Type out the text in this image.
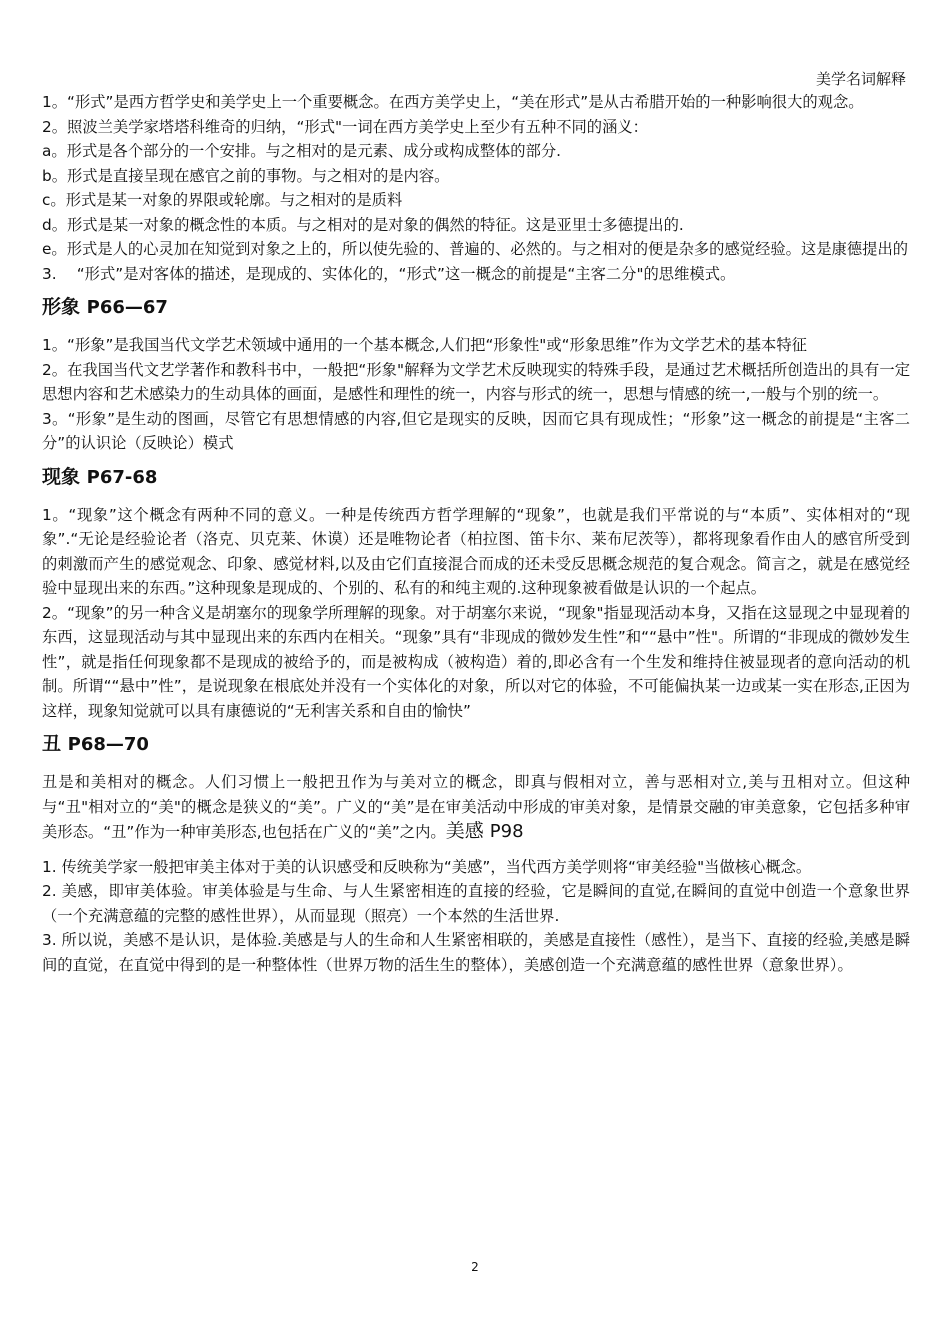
美学名词解释

1。“形式”是西方哲学史和美学史上一个重要概念。在西方美学史上，“美在形式”是从古希腊开始的一种影响很大的观念。

2。照波兰美学家塔塔科维奇的归纳，“形式"一词在西方美学史上至少有五种不同的涵义：

a。形式是各个部分的一个安排。与之相对的是元素、成分或构成整体的部分.

b。形式是直接呈现在感官之前的事物。与之相对的是内容。

c。形式是某一对象的界限或轮廓。与之相对的是质料

d。形式是某一对象的概念性的本质。与之相对的是对象的偶然的特征。这是亚里士多德提出的.

e。形式是人的心灵加在知觉到对象之上的，所以使先验的、普遍的、必然的。与之相对的便是杂多的感觉经验。这是康德提出的

3.　 “形式”是对客体的描述，是现成的、实体化的，“形式”这一概念的前提是“主客二分"的思维模式。

形象 P66—67

1。“形象”是我国当代文学艺术领域中通用的一个基本概念,人们把“形象性"或“形象思维”作为文学艺术的基本特征

2。在我国当代文艺学著作和教科书中，一般把“形象"解释为文学艺术反映现实的特殊手段，是通过艺术概括所创造出的具有一定思想内容和艺术感染力的生动具体的画面，是感性和理性的统一，内容与形式的统一，思想与情感的统一,一般与个别的统一。

3。“形象”是生动的图画，尽管它有思想情感的内容,但它是现实的反映，因而它具有现成性；“形象”这一概念的前提是“主客二分”的认识论（反映论）模式

现象 P67-68

1。“现象”这个概念有两种不同的意义。一种是传统西方哲学理解的“现象”，也就是我们平常说的与“本质”、实体相对的“现象”.“无论是经验论者（洛克、贝克莱、休谟）还是唯物论者（柏拉图、笛卡尔、莱布尼茨等），都将现象看作由人的感官所受到的刺激而产生的感觉观念、印象、感觉材料,以及由它们直接混合而成的还未受反思概念规范的复合观念。简言之，就是在感觉经验中显现出来的东西。”这种现象是现成的、个别的、私有的和纯主观的.这种现象被看做是认识的一个起点。

2。“现象”的另一种含义是胡塞尔的现象学所理解的现象。对于胡塞尔来说，“现象"指显现活动本身，又指在这显现之中显现着的东西，这显现活动与其中显现出来的东西内在相关。“现象”具有“非现成的微妙发生性”和““悬中”性"。所谓的“非现成的微妙发生性”，就是指任何现象都不是现成的被给予的，而是被构成（被构造）着的,即必含有一个生发和维持住被显现者的意向活动的机制。所谓““悬中”性”，是说现象在根底处并没有一个实体化的对象，所以对它的体验，不可能偏执某一边或某一实在形态,正因为这样，现象知觉就可以具有康德说的“无利害关系和自由的愉快”

丑 P68—70

丑是和美相对的概念。人们习惯上一般把丑作为与美对立的概念，即真与假相对立，善与恶相对立,美与丑相对立。但这种与“丑"相对立的“美"的概念是狭义的“美”。广义的“美”是在审美活动中形成的审美对象，是情景交融的审美意象，它包括多种审美形态。“丑”作为一种审美形态,也包括在广义的“美”之内。美感 P98

1. 传统美学家一般把审美主体对于美的认识感受和反映称为“美感”，当代西方美学则将“审美经验"当做核心概念。

2. 美感，即审美体验。审美体验是与生命、与人生紧密相连的直接的经验，它是瞬间的直觉,在瞬间的直觉中创造一个意象世界（一个充满意蕴的完整的感性世界），从而显现（照亮）一个本然的生活世界.

3. 所以说，美感不是认识，是体验.美感是与人的生命和人生紧密相联的，美感是直接性（感性），是当下、直接的经验,美感是瞬间的直觉，在直觉中得到的是一种整体性（世界万物的活生生的整体），美感创造一个充满意蕴的感性世界（意象世界）。

2
